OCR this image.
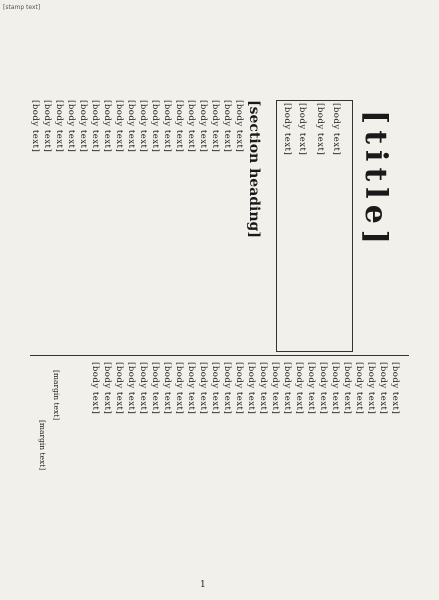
[stamp text]
[title]
[body text] [body text] [body text] [body text]
[section heading]
[body text]
[body text]
[body text]
[body text]
[body text]
[body text]
[body text]
[body text]
[body text]
[body text]
[body text]
[body text]
[body text]
[body text]
[body text]
[body text]
[body text]
[body text]
[body text]
[body text]
[body text]
[body text]
[body text]
[body text]
[body text]
[body text]
[body text]
[body text]
[body text]
[body text]
[body text]
[body text]
[body text]
[body text]
[body text]
[body text]
[body text]
[body text]
[body text]
[body text]
[body text]
[body text]
[body text]
[body text]
[margin text]
[margin text]
1
